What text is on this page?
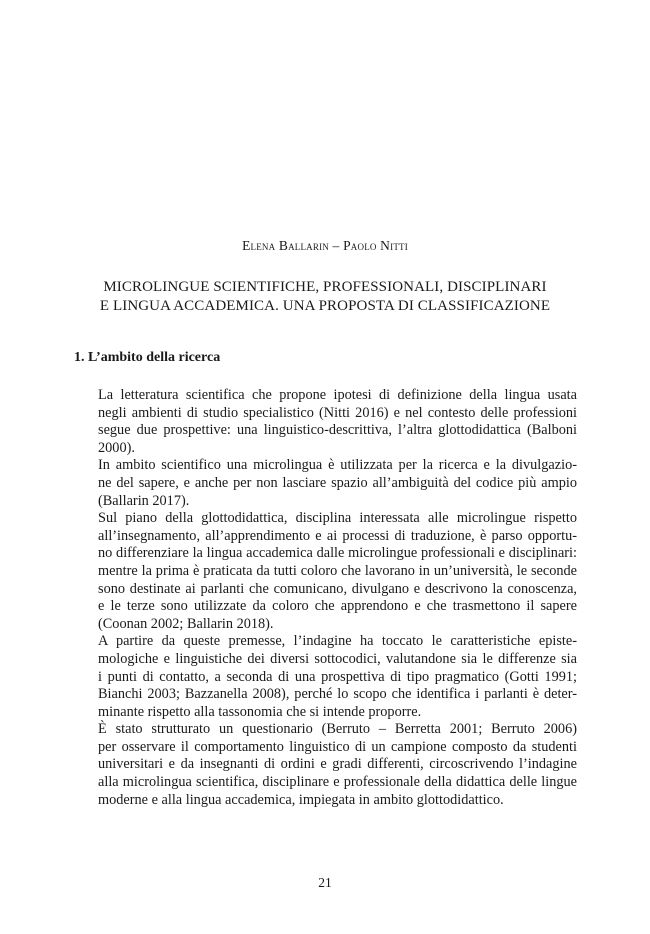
Elena Ballarin – Paolo Nitti
MICROLINGUE SCIENTIFICHE, PROFESSIONALI, DISCIPLINARI
E LINGUA ACCADEMICA. UNA PROPOSTA DI CLASSIFICAZIONE
1. L’ambito della ricerca

La letteratura scientifica che propone ipotesi di definizione della lingua usata
negli ambienti di studio specialistico (Nitti 2016) e nel contesto delle professioni
segue due prospettive: una linguistico-descrittiva, l’altra glottodidattica (Balboni
2000).

In ambito scientifico una microlingua è utilizzata per la ricerca e la divulgazio-
ne del sapere, e anche per non lasciare spazio all’ambiguità del codice più ampio
(Ballarin 2017).

Sul piano della glottodidattica, disciplina interessata alle microlingue rispetto
all’insegnamento, all’apprendimento e ai processi di traduzione, è parso opportu-
no differenziare la lingua accademica dalle microlingue professionali e disciplinari:
mentre la prima è praticata da tutti coloro che lavorano in un’università, le seconde
sono destinate ai parlanti che comunicano, divulgano e descrivono la conoscenza,
e le terze sono utilizzate da coloro che apprendono e che trasmettono il sapere
(Coonan 2002; Ballarin 2018).

A partire da queste premesse, l’indagine ha toccato le caratteristiche episte-
mologiche e linguistiche dei diversi sottocodici, valutandone sia le differenze sia
i punti di contatto, a seconda di una prospettiva di tipo pragmatico (Gotti 1991;
Bianchi 2003; Bazzanella 2008), perché lo scopo che identifica i parlanti è deter-
minante rispetto alla tassonomia che si intende proporre.

È stato strutturato un questionario (Berruto – Berretta 2001; Berruto 2006)
per osservare il comportamento linguistico di un campione composto da studenti
universitari e da insegnanti di ordini e gradi differenti, circoscrivendo l’indagine
alla microlingua scientifica, disciplinare e professionale della didattica delle lingue
moderne e alla lingua accademica, impiegata in ambito glottodidattico.

21
